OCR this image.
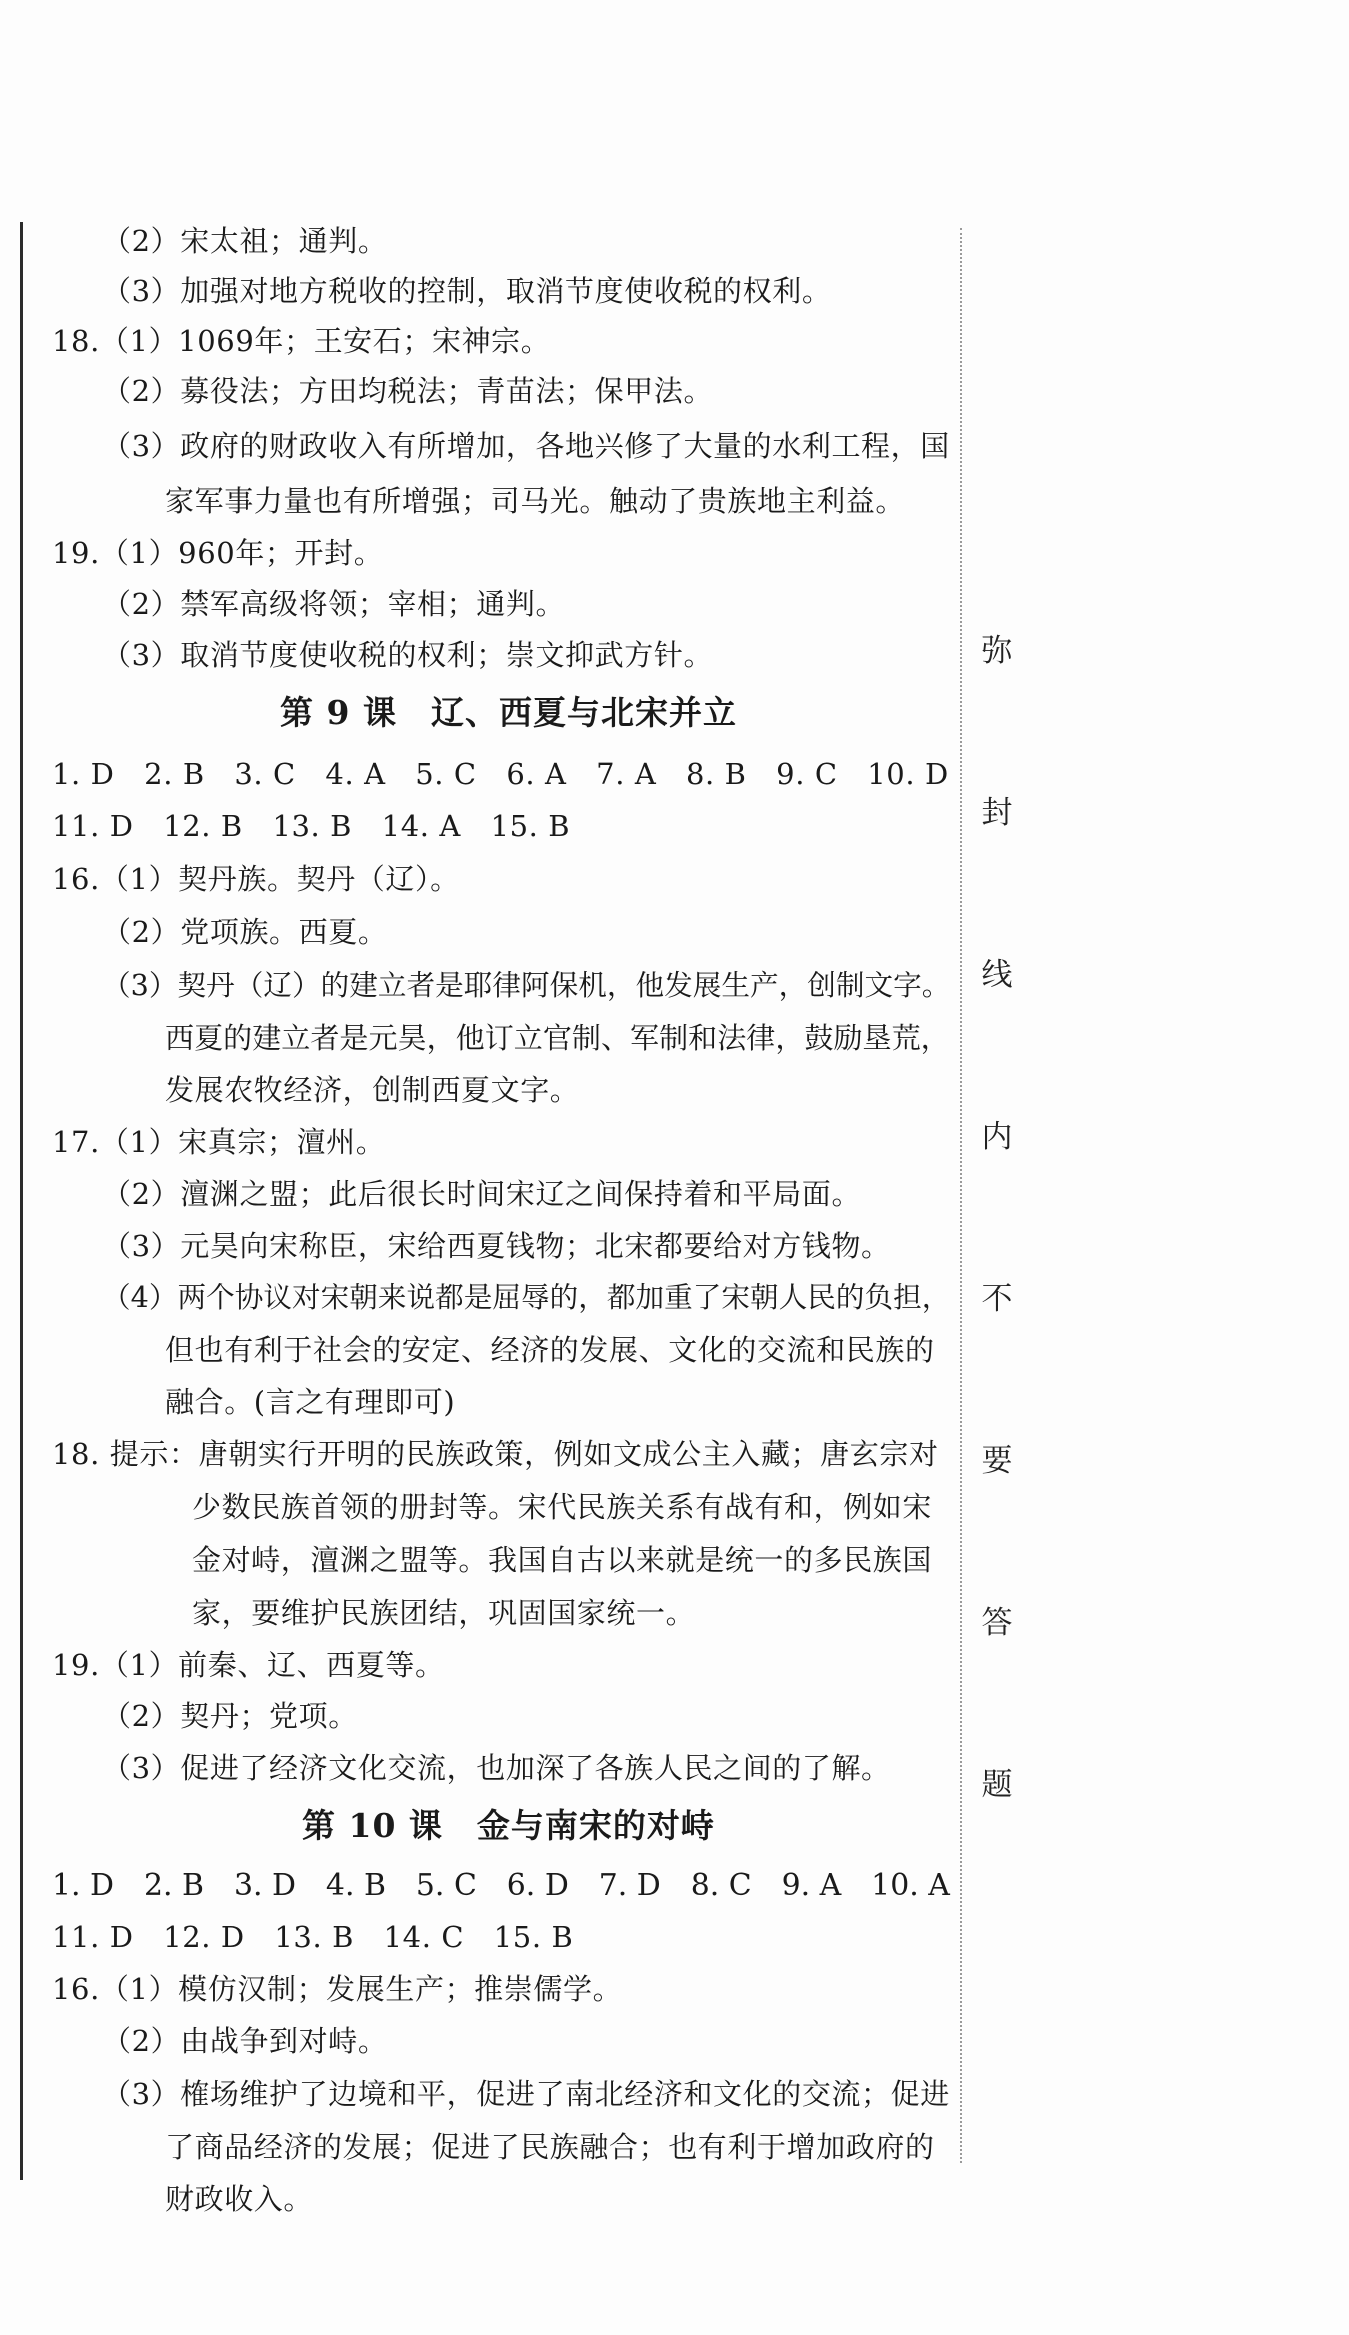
（2）宋太祖；通判。
（3）加强对地方税收的控制，取消节度使收税的权利。
18.（1）1069年；王安石；宋神宗。
（2）募役法；方田均税法；青苗法；保甲法。
（3）政府的财政收入有所增加，各地兴修了大量的水利工程，国
家军事力量也有所增强；司马光。触动了贵族地主利益。
19.（1）960年；开封。
（2）禁军高级将领；宰相；通判。
（3）取消节度使收税的权利；崇文抑武方针。
第 9 课　辽、西夏与北宋并立
1. D　2. B　3. C　4. A　5. C　6. A　7. A　8. B　9. C　10. D
11. D　12. B　13. B　14. A　15. B
16.（1）契丹族。契丹（辽）。
（2）党项族。西夏。
（3）契丹（辽）的建立者是耶律阿保机，他发展生产，创制文字。
西夏的建立者是元昊，他订立官制、军制和法律，鼓励垦荒，
发展农牧经济，创制西夏文字。
17.（1）宋真宗；澶州。
（2）澶渊之盟；此后很长时间宋辽之间保持着和平局面。
（3）元昊向宋称臣，宋给西夏钱物；北宋都要给对方钱物。
（4）两个协议对宋朝来说都是屈辱的，都加重了宋朝人民的负担，
但也有利于社会的安定、经济的发展、文化的交流和民族的
融合。(言之有理即可)
18. 提示：唐朝实行开明的民族政策，例如文成公主入藏；唐玄宗对
少数民族首领的册封等。宋代民族关系有战有和，例如宋
金对峙，澶渊之盟等。我国自古以来就是统一的多民族国
家，要维护民族团结，巩固国家统一。
19.（1）前秦、辽、西夏等。
（2）契丹；党项。
（3）促进了经济文化交流，也加深了各族人民之间的了解。
第 10 课　金与南宋的对峙
1. D　2. B　3. D　4. B　5. C　6. D　7. D　8. C　9. A　10. A
11. D　12. D　13. B　14. C　15. B
16.（1）模仿汉制；发展生产；推崇儒学。
（2）由战争到对峙。
（3）榷场维护了边境和平，促进了南北经济和文化的交流；促进
了商品经济的发展；促进了民族融合；也有利于增加政府的
财政收入。
弥
封
线
内
不
要
答
题
